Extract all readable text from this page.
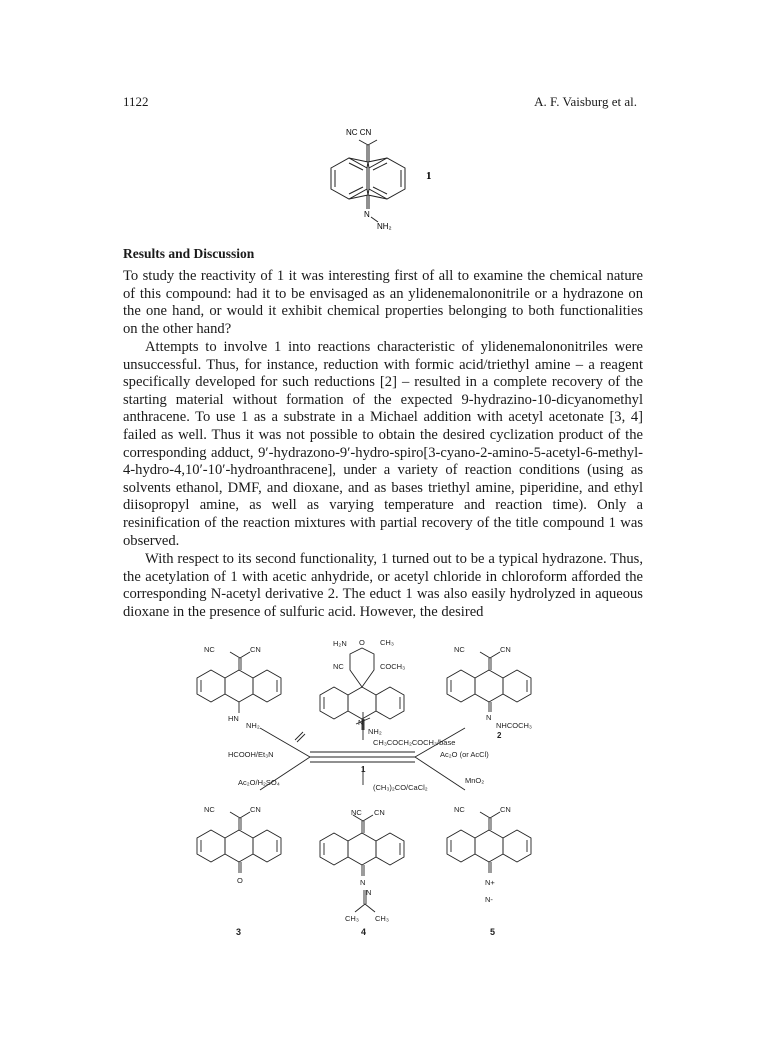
1122	A. F. Vaisburg et al.
NC CN
N
NH₂
1
Results and Discussion

To study the reactivity of 1 it was interesting first of all to examine the chemical nature of this compound: had it to be envisaged as an ylidenemalononitrile or a hydrazone on the one hand, or would it exhibit chemical properties belonging to both functionalities on the other hand?

Attempts to involve 1 into reactions characteristic of ylidenemalononitriles were unsuccessful. Thus, for instance, reduction with formic acid/triethyl amine – a reagent specifically developed for such reductions [2] – resulted in a complete recovery of the starting material without formation of the expected 9-hydrazino-10-dicyanomethyl anthracene. To use 1 as a substrate in a Michael addition with acetyl acetonate [3, 4] failed as well. Thus it was not possible to obtain the desired cyclization product of the corresponding adduct, 9′-hydrazono-9′-hydro-spiro[3-cyano-2-amino-5-acetyl-6-methyl-4-hydro-4,10′-10′-hydroanthracene], under a variety of reaction conditions (using as solvents ethanol, DMF, and dioxane, and as bases triethyl amine, piperidine, and ethyl diisopropyl amine, as well as varying temperature and reaction time). Only a resinification of the reaction mixtures with partial recovery of the title compound 1 was observed.

With respect to its second functionality, 1 turned out to be a typical hydrazone. Thus, the acetylation of 1 with acetic anhydride, or acetyl chloride in chloroform afforded the corresponding N-acetyl derivative 2. The educt 1 was also easily hydrolyzed in aqueous dioxane in the presence of sulfuric acid. However, the desired

NC	CN
HN
NH₂
H₂N O CH₃
NC	COCH₃
N
NH₂
NC	CN
N
NHCOCH₃
2
CH₃COCH₂COCH₃/base
HCOOH/Et₃N	Ac₂O (or AcCl)
1
Ac₂O/H₂SO₄	MnO₂
(CH₃)₂CO/CaCl₂
NC	CN
O
NC CN
N
N
CH₃ CH₃
NC	CN
N+
N-
3	4	5
